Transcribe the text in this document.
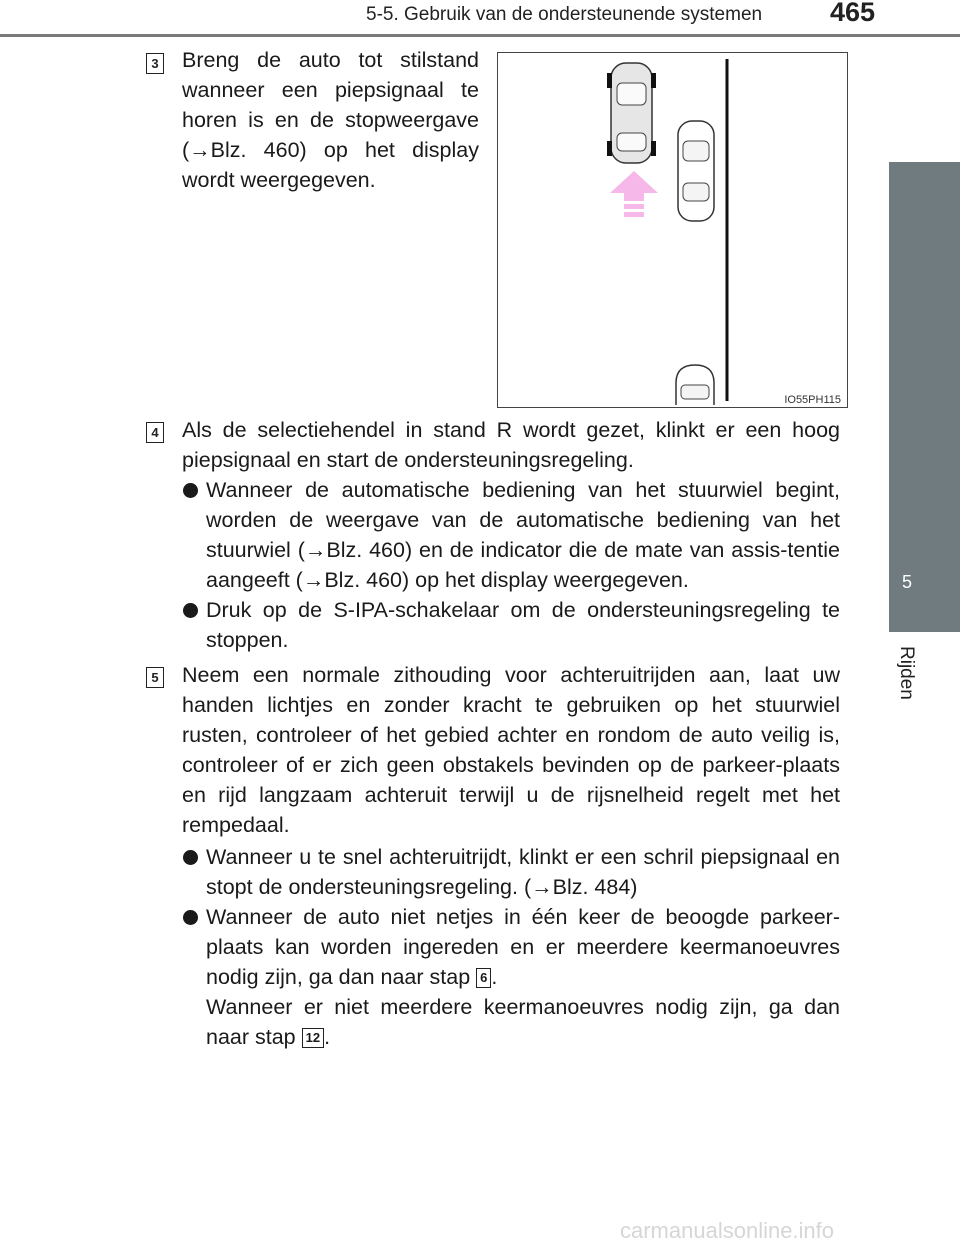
5-5. Gebruik van de ondersteunende systemen	465
5
Rijden
3 Breng de auto tot stilstand wanneer een piepsignaal te horen is en de stopweergave (→Blz. 460) op het display wordt weergegeven.
IO55PH115
4 Als de selectiehendel in stand R wordt gezet, klinkt er een hoog piepsignaal en start de ondersteuningsregeling.
Wanneer de automatische bediening van het stuurwiel begint, worden de weergave van de automatische bediening van het stuurwiel (→Blz. 460) en de indicator die de mate van assis-tentie aangeeft (→Blz. 460) op het display weergegeven.
Druk op de S-IPA-schakelaar om de ondersteuningsregeling te stoppen.
5 Neem een normale zithouding voor achteruitrijden aan, laat uw handen lichtjes en zonder kracht te gebruiken op het stuurwiel rusten, controleer of het gebied achter en rondom de auto veilig is, controleer of er zich geen obstakels bevinden op de parkeer-plaats en rijd langzaam achteruit terwijl u de rijsnelheid regelt met het rempedaal.
Wanneer u te snel achteruitrijdt, klinkt er een schril piepsignaal en stopt de ondersteuningsregeling. (→Blz. 484)
Wanneer de auto niet netjes in één keer de beoogde parkeer-plaats kan worden ingereden en er meerdere keermanoeuvres nodig zijn, ga dan naar stap 6 .
Wanneer er niet meerdere keermanoeuvres nodig zijn, ga dan naar stap 12 .
carmanualsonline.info
